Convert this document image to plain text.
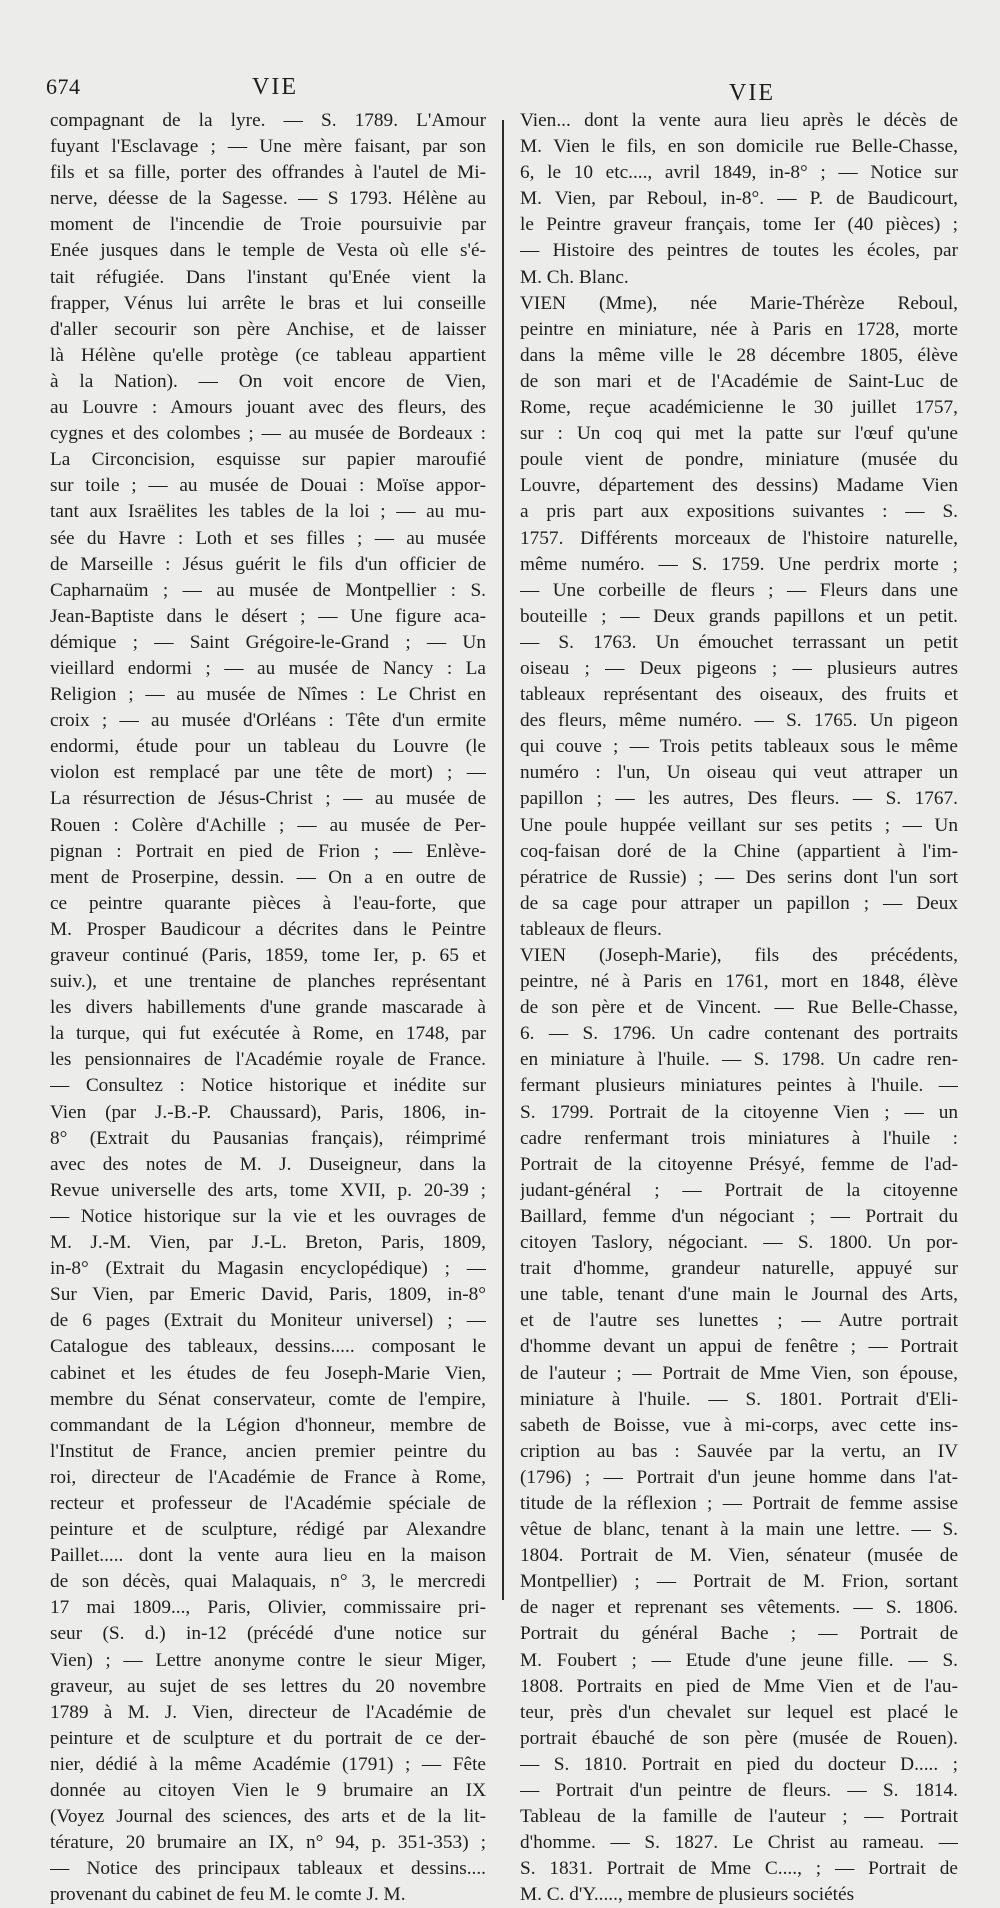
674	VIE	VIE
compagnant de la lyre. — S. 1789. L'Amour
fuyant l'Esclavage ; — Une mère faisant, par son
fils et sa fille, porter des offrandes à l'autel de Mi-
nerve, déesse de la Sagesse. — S 1793. Hélène au
moment de l'incendie de Troie poursuivie par
Enée jusques dans le temple de Vesta où elle s'é-
tait réfugiée. Dans l'instant qu'Enée vient la
frapper, Vénus lui arrête le bras et lui conseille
d'aller secourir son père Anchise, et de laisser
là Hélène qu'elle protège (ce tableau appartient
à la Nation). — On voit encore de Vien,
au Louvre : Amours jouant avec des fleurs, des
cygnes et des colombes ; — au musée de Bordeaux :
La Circoncision, esquisse sur papier maroufié
sur toile ; — au musée de Douai : Moïse appor-
tant aux Israëlites les tables de la loi ; — au mu-
sée du Havre : Loth et ses filles ; — au musée
de Marseille : Jésus guérit le fils d'un officier de
Capharnaüm ; — au musée de Montpellier : S.
Jean-Baptiste dans le désert ; — Une figure aca-
démique ; — Saint Grégoire-le-Grand ; — Un
vieillard endormi ; — au musée de Nancy : La
Religion ; — au musée de Nîmes : Le Christ en
croix ; — au musée d'Orléans : Tête d'un ermite
endormi, étude pour un tableau du Louvre (le
violon est remplacé par une tête de mort) ; —
La résurrection de Jésus-Christ ; — au musée de
Rouen : Colère d'Achille ; — au musée de Per-
pignan : Portrait en pied de Frion ; — Enlève-
ment de Proserpine, dessin. — On a en outre de
ce peintre quarante pièces à l'eau-forte, que
M. Prosper Baudicour a décrites dans le Peintre
graveur continué (Paris, 1859, tome Ier, p. 65 et
suiv.), et une trentaine de planches représentant
les divers habillements d'une grande mascarade à
la turque, qui fut exécutée à Rome, en 1748, par
les pensionnaires de l'Académie royale de France.
— Consultez : Notice historique et inédite sur
Vien (par J.-B.-P. Chaussard), Paris, 1806, in-
8° (Extrait du Pausanias français), réimprimé
avec des notes de M. J. Duseigneur, dans la
Revue universelle des arts, tome XVII, p. 20-39 ;
— Notice historique sur la vie et les ouvrages de
M. J.-M. Vien, par J.-L. Breton, Paris, 1809,
in-8° (Extrait du Magasin encyclopédique) ; —
Sur Vien, par Emeric David, Paris, 1809, in-8°
de 6 pages (Extrait du Moniteur universel) ; —
Catalogue des tableaux, dessins..... composant le
cabinet et les études de feu Joseph-Marie Vien,
membre du Sénat conservateur, comte de l'empire,
commandant de la Légion d'honneur, membre de
l'Institut de France, ancien premier peintre du
roi, directeur de l'Académie de France à Rome,
recteur et professeur de l'Académie spéciale de
peinture et de sculpture, rédigé par Alexandre
Paillet..... dont la vente aura lieu en la maison
de son décès, quai Malaquais, n° 3, le mercredi
17 mai 1809..., Paris, Olivier, commissaire pri-
seur (S. d.) in-12 (précédé d'une notice sur
Vien) ; — Lettre anonyme contre le sieur Miger,
graveur, au sujet de ses lettres du 20 novembre
1789 à M. J. Vien, directeur de l'Académie de
peinture et de sculpture et du portrait de ce der-
nier, dédié à la même Académie (1791) ; — Fête
donnée au citoyen Vien le 9 brumaire an IX
(Voyez Journal des sciences, des arts et de la lit-
térature, 20 brumaire an IX, n° 94, p. 351-353) ;
— Notice des principaux tableaux et dessins....
provenant du cabinet de feu M. le comte J. M.
Vien... dont la vente aura lieu après le décès de
M. Vien le fils, en son domicile rue Belle-Chasse,
6, le 10 etc...., avril 1849, in-8° ; — Notice sur
M. Vien, par Reboul, in-8°. — P. de Baudicourt,
le Peintre graveur français, tome Ier (40 pièces) ;
— Histoire des peintres de toutes les écoles, par
M. Ch. Blanc.
VIEN (Mme), née Marie-Thérèze Reboul,
peintre en miniature, née à Paris en 1728, morte
dans la même ville le 28 décembre 1805, élève
de son mari et de l'Académie de Saint-Luc de
Rome, reçue académicienne le 30 juillet 1757,
sur : Un coq qui met la patte sur l'œuf qu'une
poule vient de pondre, miniature (musée du
Louvre, département des dessins) Madame Vien
a pris part aux expositions suivantes : — S.
1757. Différents morceaux de l'histoire naturelle,
même numéro. — S. 1759. Une perdrix morte ;
— Une corbeille de fleurs ; — Fleurs dans une
bouteille ; — Deux grands papillons et un petit.
— S. 1763. Un émouchet terrassant un petit
oiseau ; — Deux pigeons ; — plusieurs autres
tableaux représentant des oiseaux, des fruits et
des fleurs, même numéro. — S. 1765. Un pigeon
qui couve ; — Trois petits tableaux sous le même
numéro : l'un, Un oiseau qui veut attraper un
papillon ; — les autres, Des fleurs. — S. 1767.
Une poule huppée veillant sur ses petits ; — Un
coq-faisan doré de la Chine (appartient à l'im-
pératrice de Russie) ; — Des serins dont l'un sort
de sa cage pour attraper un papillon ; — Deux
tableaux de fleurs.
VIEN (Joseph-Marie), fils des précédents,
peintre, né à Paris en 1761, mort en 1848, élève
de son père et de Vincent. — Rue Belle-Chasse,
6. — S. 1796. Un cadre contenant des portraits
en miniature à l'huile. — S. 1798. Un cadre ren-
fermant plusieurs miniatures peintes à l'huile. —
S. 1799. Portrait de la citoyenne Vien ; — un
cadre renfermant trois miniatures à l'huile :
Portrait de la citoyenne Présyé, femme de l'ad-
judant-général ; — Portrait de la citoyenne
Baillard, femme d'un négociant ; — Portrait du
citoyen Taslory, négociant. — S. 1800. Un por-
trait d'homme, grandeur naturelle, appuyé sur
une table, tenant d'une main le Journal des Arts,
et de l'autre ses lunettes ; — Autre portrait
d'homme devant un appui de fenêtre ; — Portrait
de l'auteur ; — Portrait de Mme Vien, son épouse,
miniature à l'huile. — S. 1801. Portrait d'Eli-
sabeth de Boisse, vue à mi-corps, avec cette ins-
cription au bas : Sauvée par la vertu, an IV
(1796) ; — Portrait d'un jeune homme dans l'at-
titude de la réflexion ; — Portrait de femme assise
vêtue de blanc, tenant à la main une lettre. — S.
1804. Portrait de M. Vien, sénateur (musée de
Montpellier) ; — Portrait de M. Frion, sortant
de nager et reprenant ses vêtements. — S. 1806.
Portrait du général Bache ; — Portrait de
M. Foubert ; — Etude d'une jeune fille. — S.
1808. Portraits en pied de Mme Vien et de l'au-
teur, près d'un chevalet sur lequel est placé le
portrait ébauché de son père (musée de Rouen).
— S. 1810. Portrait en pied du docteur D..... ;
— Portrait d'un peintre de fleurs. — S. 1814.
Tableau de la famille de l'auteur ; — Portrait
d'homme. — S. 1827. Le Christ au rameau. —
S. 1831. Portrait de Mme C...., ; — Portrait de
M. C. d'Y....., membre de plusieurs sociétés
